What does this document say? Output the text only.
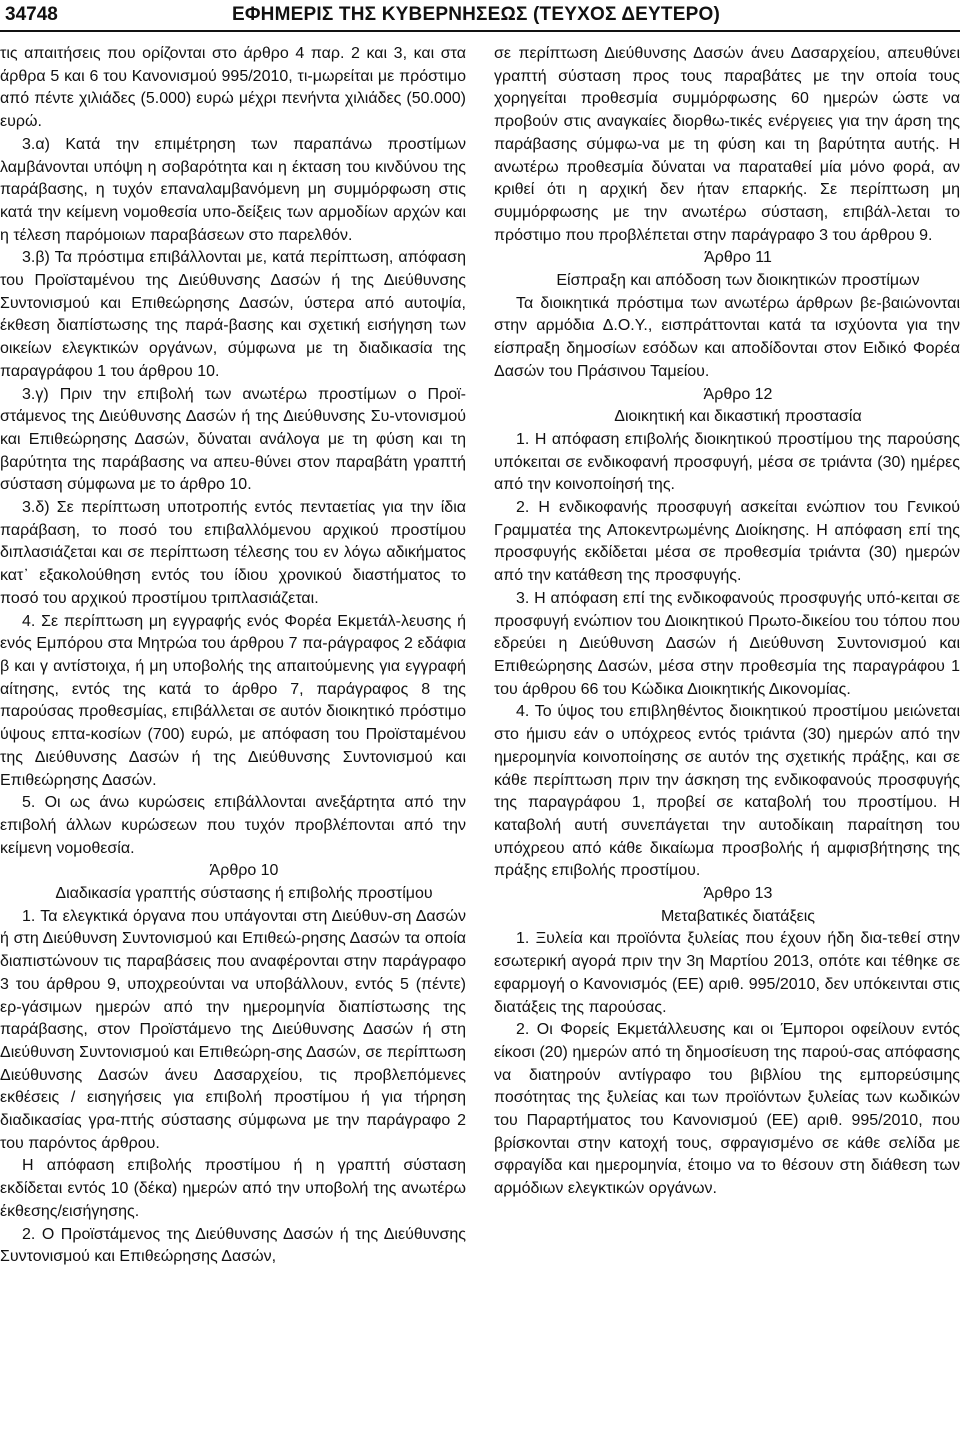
34748	ΕΦΗΜΕΡΙΣ ΤΗΣ ΚΥΒΕΡΝΗΣΕΩΣ (ΤΕΥΧΟΣ ΔΕΥΤΕΡΟ)

τις απαιτήσεις που ορίζονται στο άρθρο 4 παρ. 2 και 3, και στα άρθρα 5 και 6 του Κανονισμού 995/2010, τι-μωρείται με πρόστιμο από πέντε χιλιάδες (5.000) ευρώ μέχρι πενήντα χιλιάδες (50.000) ευρώ.

3.α) Κατά την επιμέτρηση των παραπάνω προστίμων λαμβάνονται υπόψη η σοβαρότητα και η έκταση του κινδύνου της παράβασης, η τυχόν επαναλαμβανόμενη μη συμμόρφωση στις κατά την κείμενη νομοθεσία υπο-δείξεις των αρμοδίων αρχών και η τέλεση παρόμοιων παραβάσεων στο παρελθόν.

3.β) Τα πρόστιμα επιβάλλονται με, κατά περίπτωση, απόφαση του Προϊσταμένου της Διεύθυνσης Δασών ή της Διεύθυνσης Συντονισμού και Επιθεώρησης Δασών, ύστερα από αυτοψία, έκθεση διαπίστωσης της παρά-βασης και σχετική εισήγηση των οικείων ελεγκτικών οργάνων, σύμφωνα με τη διαδικασία της παραγράφου 1 του άρθρου 10.

3.γ) Πριν την επιβολή των ανωτέρω προστίμων ο Προϊ-στάμενος της Διεύθυνσης Δασών ή της Διεύθυνσης Συ-ντονισμού και Επιθεώρησης Δασών, δύναται ανάλογα με τη φύση και τη βαρύτητα της παράβασης να απευ-θύνει στον παραβάτη γραπτή σύσταση σύμφωνα με το άρθρο 10.

3.δ) Σε περίπτωση υποτροπής εντός πενταετίας για την ίδια παράβαση, το ποσό του επιβαλλόμενου αρχικού προστίμου διπλασιάζεται και σε περίπτωση τέλεσης του εν λόγω αδικήματος κατ᾽ εξακολούθηση εντός του ίδιου χρονικού διαστήματος το ποσό του αρχικού προστίμου τριπλασιάζεται.

4. Σε περίπτωση μη εγγραφής ενός Φορέα Εκμετάλ-λευσης ή ενός Εμπόρου στα Μητρώα του άρθρου 7 πα-ράγραφος 2 εδάφια β και γ αντίστοιχα, ή μη υποβολής της απαιτούμενης για εγγραφή αίτησης, εντός της κατά το άρθρο 7, παράγραφος 8 της παρούσας προθεσμίας, επιβάλλεται σε αυτόν διοικητικό πρόστιμο ύψους επτα-κοσίων (700) ευρώ, με απόφαση του Προϊσταμένου της Διεύθυνσης Δασών ή της Διεύθυνσης Συντονισμού και Επιθεώρησης Δασών.

5. Οι ως άνω κυρώσεις επιβάλλονται ανεξάρτητα από την επιβολή άλλων κυρώσεων που τυχόν προβλέπονται από την κείμενη νομοθεσία.

Άρθρο 10

Διαδικασία γραπτής σύστασης ή επιβολής προστίμου

1. Τα ελεγκτικά όργανα που υπάγονται στη Διεύθυν-ση Δασών ή στη Διεύθυνση Συντονισμού και Επιθεώ-ρησης Δασών τα οποία διαπιστώνουν τις παραβάσεις που αναφέρονται στην παράγραφο 3 του άρθρου 9, υποχρεούνται να υποβάλλουν, εντός 5 (πέντε) ερ-γάσιμων ημερών από την ημερομηνία διαπίστωσης της παράβασης, στον Προϊστάμενο της Διεύθυνσης Δασών ή στη Διεύθυνση Συντονισμού και Επιθεώρη-σης Δασών, σε περίπτωση Διεύθυνσης Δασών άνευ Δασαρχείου, τις προβλεπόμενες εκθέσεις / εισηγήσεις για επιβολή προστίμου ή για τήρηση διαδικασίας γρα-πτής σύστασης σύμφωνα με την παράγραφο 2 του παρόντος άρθρου.

Η απόφαση επιβολής προστίμου ή η γραπτή σύσταση εκδίδεται εντός 10 (δέκα) ημερών από την υποβολή της ανωτέρω έκθεσης/εισήγησης.

2. Ο Προϊστάμενος της Διεύθυνσης Δασών ή της Διεύθυνσης Συντονισμού και Επιθεώρησης Δασών,

σε περίπτωση Διεύθυνσης Δασών άνευ Δασαρχείου, απευθύνει γραπτή σύσταση προς τους παραβάτες με την οποία τους χορηγείται προθεσμία συμμόρφωσης 60 ημερών ώστε να προβούν στις αναγκαίες διορθω-τικές ενέργειες για την άρση της παράβασης σύμφω-να με τη φύση και τη βαρύτητα αυτής. Η ανωτέρω προθεσμία δύναται να παραταθεί μία μόνο φορά, αν κριθεί ότι η αρχική δεν ήταν επαρκής. Σε περίπτωση μη συμμόρφωσης με την ανωτέρω σύσταση, επιβάλ-λεται το πρόστιμο που προβλέπεται στην παράγραφο 3 του άρθρου 9.

Άρθρο 11

Είσπραξη και απόδοση των διοικητικών προστίμων

Τα διοικητικά πρόστιμα των ανωτέρω άρθρων βε-βαιώνονται στην αρμόδια Δ.Ο.Υ., εισπράττονται κατά τα ισχύοντα για την είσπραξη δημοσίων εσόδων και αποδίδονται στον Ειδικό Φορέα Δασών του Πράσινου Ταμείου.

Άρθρο 12

Διοικητική και δικαστική προστασία

1. Η απόφαση επιβολής διοικητικού προστίμου της παρούσης υπόκειται σε ενδικοφανή προσφυγή, μέσα σε τριάντα (30) ημέρες από την κοινοποίησή της.

2. Η ενδικοφανής προσφυγή ασκείται ενώπιον του Γενικού Γραμματέα της Αποκεντρωμένης Διοίκησης. Η απόφαση επί της προσφυγής εκδίδεται μέσα σε προθεσμία τριάντα (30) ημερών από την κατάθεση της προσφυγής.

3. Η απόφαση επί της ενδικοφανούς προσφυγής υπό-κειται σε προσφυγή ενώπιον του Διοικητικού Πρωτο-δικείου του τόπου που εδρεύει η Διεύθυνση Δασών ή Διεύθυνση Συντονισμού και Επιθεώρησης Δασών, μέσα στην προθεσμία της παραγράφου 1 του άρθρου 66 του Κώδικα Διοικητικής Δικονομίας.

4. Το ύψος του επιβληθέντος διοικητικού προστίμου μειώνεται στο ήμισυ εάν ο υπόχρεος εντός τριάντα (30) ημερών από την ημερομηνία κοινοποίησης σε αυτόν της σχετικής πράξης, και σε κάθε περίπτωση πριν την άσκηση της ενδικοφανούς προσφυγής της παραγράφου 1, προβεί σε καταβολή του προστίμου. Η καταβολή αυτή συνεπάγεται την αυτοδίκαιη παραίτηση του υπόχρεου από κάθε δικαίωμα προσβολής ή αμφισβήτησης της πράξης επιβολής προστίμου.

Άρθρο 13

Μεταβατικές διατάξεις

1. Ξυλεία και προϊόντα ξυλείας που έχουν ήδη δια-τεθεί στην εσωτερική αγορά πριν την 3η Μαρτίου 2013, οπότε και τέθηκε σε εφαρμογή ο Κανονισμός (ΕΕ) αριθ. 995/2010, δεν υπόκεινται στις διατάξεις της παρούσας.

2. Οι Φορείς Εκμετάλλευσης και οι Έμποροι οφείλουν εντός είκοσι (20) ημερών από τη δημοσίευση της παρού-σας απόφασης να διατηρούν αντίγραφο του βιβλίου της εμπορεύσιμης ποσότητας της ξυλείας και των προϊόντων ξυλείας των κωδικών του Παραρτήματος του Κανονισμού (ΕΕ) αριθ. 995/2010, που βρίσκονται στην κατοχή τους, σφραγισμένο σε κάθε σελίδα με σφραγίδα και ημερομηνία, έτοιμο να το θέσουν στη διάθεση των αρμόδιων ελεγκτικών οργάνων.
